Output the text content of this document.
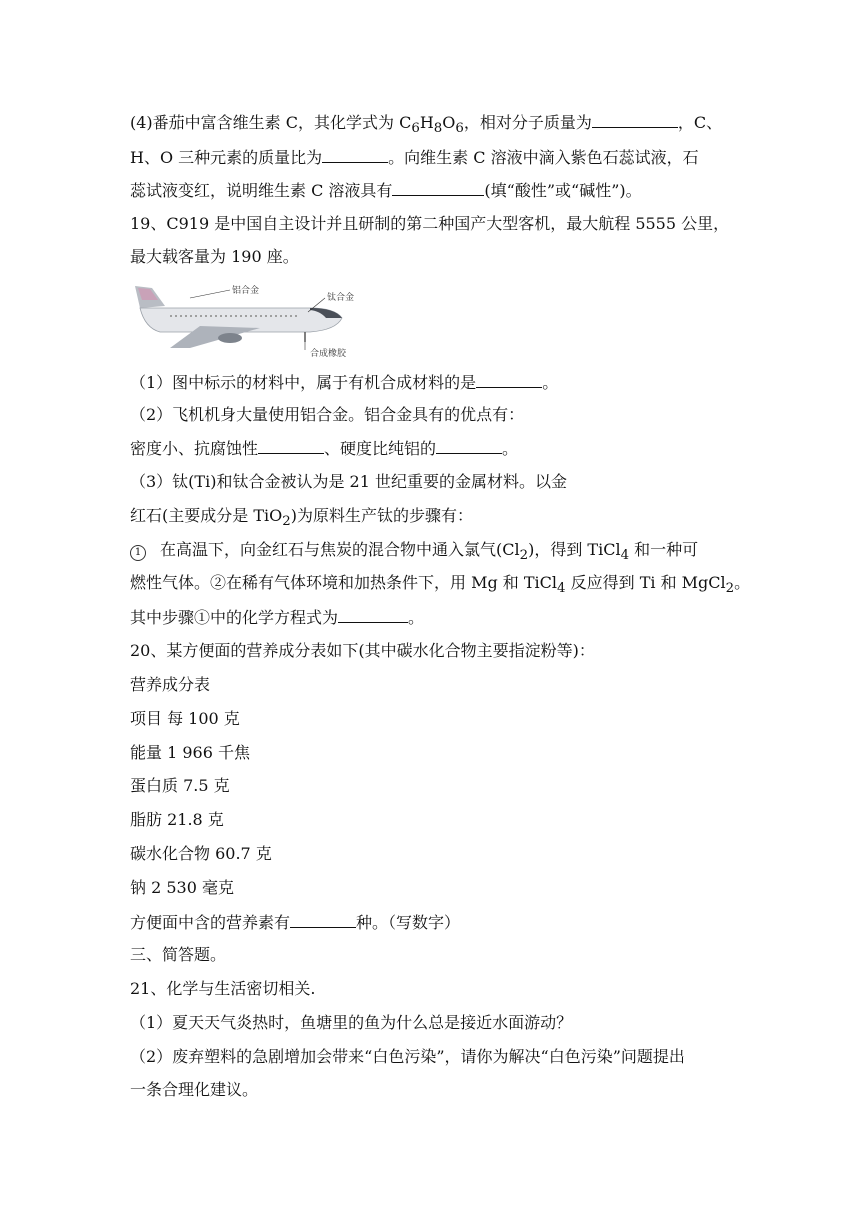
(4)番茄中富含维生素 C，其化学式为 $C_6H_8O_6$，相对分子质量为	，C、
H、O 三种元素的质量比为	。向维生素 C 溶液中滴入紫色石蕊试液，石
蕊试液变红，说明维生素 C 溶液具有	(填“酸性”或“碱性”)。
19、C919 是中国自主设计并且研制的第二种国产大型客机，最大航程 5555 公里，
最大载客量为 190 座。
铝合金
钛合金
合成橡胶
（1）图中标示的材料中，属于有机合成材料的是	。
（2）飞机机身大量使用铝合金。铝合金具有的优点有：
密度小、抗腐蚀性	、硬度比纯铝的	。
（3）钛(Ti)和钛合金被认为是 21 世纪重要的金属材料。以金
红石(主要成分是 TiO$_2$)为原料生产钛的步骤有：
1 在高温下，向金红石与焦炭的混合物中通入氯气$(Cl_2)$，得到 TiCl$_4$ 和一种可
燃性气体。②在稀有气体环境和加热条件下，用 Mg 和 TiCl$_4$ 反应得到 Ti 和 MgCl$_2$。
其中步骤①中的化学方程式为	。
20、某方便面的营养成分表如下(其中碳水化合物主要指淀粉等)：
营养成分表
项目 每 100 克
能量 1 966 千焦
蛋白质 7.5 克
脂肪 21.8 克
碳水化合物 60.7 克
钠 2 530 毫克
方便面中含的营养素有	种。（写数字）
三、简答题。
21、化学与生活密切相关.
（1）夏天天气炎热时，鱼塘里的鱼为什么总是接近水面游动？
（2）废弃塑料的急剧增加会带来“白色污染”，请你为解决“白色污染”问题提出
一条合理化建议。
